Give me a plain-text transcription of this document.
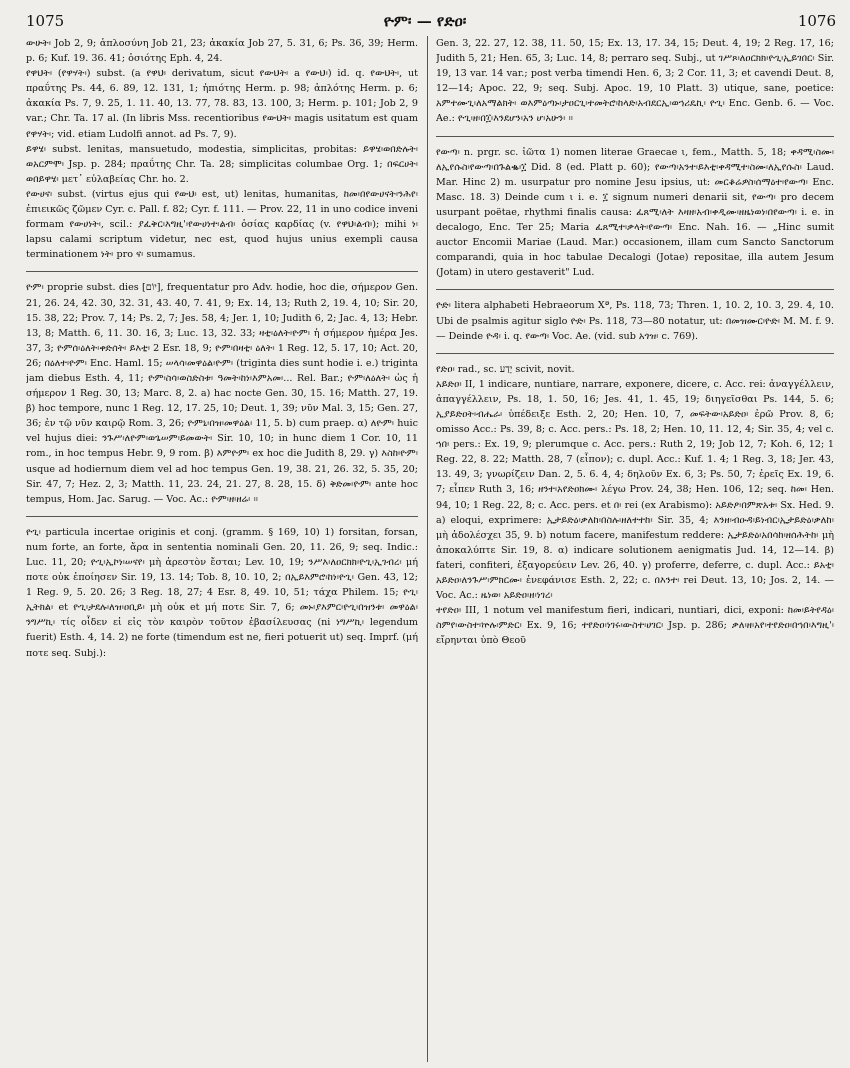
1075	ዮም፡ — የድዐ፡	1076

ውሁት፡ Job 2, 9; ἁπλοσύνη Job 21, 23; ἀκακία Job 27, 5. 31, 6; Ps. 36, 39; Herm. p. 6; Kuf. 19. 36. 41; ὁσιότης Eph. 4, 24.

የዋህት፡ (የዋሃት፡) subst. (a የዋህ፡ derivatum, sicut የውህት፡ a የውህ፡) id. q. የውህት፡, ut πραΰτης Ps. 44, 6. 89, 12. 131, 1; ἠπιότης Herm. p. 98; ἁπλότης Herm. p. 6; ἀκακία Ps. 7, 9. 25, 1. 11. 40, 13. 77, 78. 83, 13. 100, 3; Herm. p. 101; Job 2, 9 var.; Chr. Ta. 17 al. (In libris Mss. recentioribus የውህት፡ magis usitatum est quam የዋሃት፡; vid. etiam Ludolfi annot. ad Ps. 7, 9).

ይዋሄ፡ subst. lenitas, mansuetudo, modestia, simplicitas, probitas: ይዋሄ፡ወበድሉት፡ወአርምሞ፡ Jsp. p. 284; πραΰτης Chr. Ta. 28; simplicitas columbae Org. 1; በፍርሀት፡ ወበይዋሄ፡ μετ᾽ εὐλαβείας Chr. ho. 2.

የውሀና፡ subst. (virtus ejus qui የውህ፡ est, ut) lenitas, humanitas, ከመ፡በየውሀናት፡ንሕየ፡ ἐπιεικῶς ζῶμεν Cyr. c. Pall. f. 82; Cyr. f. 111. — Prov. 22, 11 in uno codice inveni formam የውሀነት፡, scil.: ያፈቅር፡እግዚ'፡የውሀነተ፡ልብ፡ ὁσίας καρδίας (v. የዋህ፡ልብ፡); mihi ነ፡ lapsu calami scriptum videtur, nec est, quod hujus unius exempli causa terminationem ነት፡ pro ና፡ sumamus.

ዮም፡ proprie subst. dies [יוֹם], frequentatur pro Adv. hodie, hoc die, σήμερον Gen. 21, 26. 24, 42. 30, 32. 31, 43. 40, 7. 41, 9; Ex. 14, 13; Ruth 2, 19. 4, 10; Sir. 20, 15. 38, 22; Prov. 7, 14; Ps. 2, 7; Jes. 58, 4; Jer. 1, 10; Judith 6, 2; Jac. 4, 13; Hebr. 13, 8; Matth. 6, 11. 30. 16, 3; Luc. 13, 32. 33; ዛቲ፡ዕለት፡ዮም፡ ἡ σήμερον ἡμέρα Jes. 37, 3; ዮምሰ፡ዕለት፡ቀድሰት፡ ይእቲ፡ 2 Esr. 18, 9; ዮም፡በዛቲ፡ ዕለት፡ 1 Reg. 12, 5. 17, 10; Act. 20, 26; በዕለተ፡ዮም፡ Enc. Haml. 15; ሠላሳ፡መዋዕል፡ዮም፡ (triginta dies sunt hodie i. e.) triginta jam diebus Esth. 4, 11; ዮም፡ስሳ፡ወስድስቱ፡ ዓመት፡ከነ፡እምአመ፡... Rel. Bar.; ዮም፡ለዕለት፡ ὡς ἡ σήμερον 1 Reg. 30, 13; Marc. 8, 2. a) hac nocte Gen. 30, 15. 16; Matth. 27, 19. β) hoc tempore, nunc 1 Reg. 12, 17. 25, 10; Deut. 1, 39; νῦν Mal. 3, 15; Gen. 27, 36; ἐν τῷ νῦν καιρῷ Rom. 3, 26; ዮምኒ፡በዝ፡መዋዕል፡ 11, 5. b) cum praep. α) ለዮም፡ huic vel hujus diei: ንጉሥ፡ለዮም፡ወጌሠም፡ይመውት፡ Sir. 10, 10; in hunc diem 1 Cor. 10, 11 rom., in hoc tempus Hebr. 9, 9 rom. β) እምዮም፡ ex hoc die Judith 8, 29. γ) እስከ፡ዮም፡ usque ad hodiernum diem vel ad hoc tempus Gen. 19, 38. 21, 26. 32, 5. 35, 20; Sir. 47, 7; Hez. 2, 3; Matth. 11, 23. 24, 21. 27, 8. 28, 15. δ) ቅድመ፡ዮም፡ ante hoc tempus, Hom. Jac. Sarug. — Voc. Ac.: ዮም፡ዘ፡ዘሬ፡ ።

ዮጊ፡ particula incertae originis et conj. (gramm. § 169, 10) 1) forsitan, forsan, num forte, an forte, ἄρα in sententia nominali Gen. 20, 11. 26, 9; seq. Indic.: Luc. 11, 20; ዮጊ፡ኢኮነ፡ሠናየ፡ μὴ ἀρεστὸν ἔσται; Lev. 10, 19; ንሥእ፡ለዐርክክ፡ዮጊ፡ኢገብረ፡ μή ποτε οὐκ ἐποίησεν Sir. 19, 13. 14; Tob. 8, 10. 10, 2; በኢይእምሮ፡ከነ፡ዮጊ፡ Gen. 43, 12; 1 Reg. 9, 5. 20. 26; 3 Reg. 18, 27; 4 Esr. 8, 49. 10, 51; τάχα Philem. 15; ዮጊ፡ኢትክል፡ et ዮጊ፡ታደሉ፡ለዝ፡ዐቢይ፡ μὴ οὐκ et μή ποτε Sir. 7, 6; መኑ፡ያእምር፡ዮጊ፡በዝንቱ፡ መዋዕል፡ንግሥኪ፡ τίς οἶδεν εἰ εἰς τὸν καιρὸν τοῦτον ἐβασίλευσας (ni ነግሥኪ፡ legendum fuerit) Esth. 4, 14. 2) ne forte (timendum est ne, fieri potuerit ut) seq. Imprf. (μή ποτε seq. Subj.):

Gen. 3, 22. 27, 12. 38, 11. 50, 15; Ex. 13, 17. 34, 15; Deut. 4, 19; 2 Reg. 17, 16; Judith 5, 21; Hen. 65, 3; Luc. 14, 8; perraro seq. Subj., ut ገሥጾ፡ለዐርክክ፡ዮጊ፡ኢይገበር፡ Sir. 19, 13 var. 14 var.; post verba timendi Hen. 6, 3; 2 Cor. 11, 3; et cavendi Deut. 8, 12—14; Apoc. 22, 9; seq. Subj. Apoc. 19, 10 Platt. 3) utique, sane, poetice: አምተሙጊ፡ለአማልክት፡ ወእምዕጣኑ፡ታዐርጊ፡ተመትሮ፡ከላድ፡አብደርኢ፡ወኀሪዴኪ፡ ዮጊ፡ Enc. Genb. 6. — Voc. Ae.: ዮጊ፡ዘ፡በ፲፡እንደሆን፡አን ሆ፡አሁን፡ ።

የውጣ፡ n. prgr. sc. ἰῶτα 1) nomen literae Graecae ι, fem., Matth. 5, 18; ቀዳሚ፡ስሙ፡ለኢየሱስ፡የውጣ፡በጉልቈ፡፲ Did. 8 (ed. Platt p. 60); የውጣ፡አንተ፡ይእቲ፡ቀዳሚተ፡ስሙ፡ለኢየሱስ፡ Laud. Mar. Hinc 2) m. usurpatur pro nomine Jesu ipsius, ut: መርቆሬዎስ፡ሰማዕተ፡የውጣ፡ Enc. Masc. 18. 3) Deinde cum ι i. e. ፲ signum numeri denarii sit, የውጣ፡ pro decem usurpant poëtae, rhythmi finalis causa: ፈጸሚ፡ለት እዛዘ፡አብ፡ቀዲሙ፡ዘዜነወነ፡በየውጣ፡ i. e. in decalogo, Enc. Ter 25; Maria ፈጸሚተ፡ቃላት፡የውጣ፡ Enc. Nah. 16. — „Hinc sumit auctor Encomii Mariae (Laud. Mar.) occasionem, illam cum Sancto Sanctorum comparandi, quia in hoc tabulae Decalogi (Jotae) repositae, illa autem Jesum (Jotam) in utero gestaverit" Lud.

ዮድ፡ litera alphabeti Hebraeorum Xª, Ps. 118, 73; Thren. 1, 10. 2, 10. 3, 29. 4, 10. Ubi de psalmis agitur siglo ዮድ፡ Ps. 118, 73—80 notatur, ut: በመዝሙር፡ዮድ፡ M. M. f. 9. — Deinde ዮዳ፡ i. q. የውጣ፡ Voc. Ae. (vid. sub አጎዝ፡ c. 769).

የድዐ፡ rad., sc. יָדַע scivit, novit.

አይድዐ፡ II, 1 indicare, nuntiare, narrare, exponere, dicere, c. Acc. rei: ἀναγγέλλειν, ἀπαγγέλλειν, Ps. 18, 1. 50, 16; Jes. 41, 1. 45, 19; διηγεῖσθαι Ps. 144, 5. 6; ኢያይድዐት፡ብሔራ፡ ὑπέδειξε Esth. 2, 20; Hen. 10, 7, መፍትው፡አይድዐ፡ ἐρῶ Prov. 8, 6; omisso Acc.: Ps. 39, 8; c. Acc. pers.: Ps. 18, 2; Hen. 10, 11. 12, 4; Sir. 35, 4; vel c. ኀበ፡ pers.: Ex. 19, 9; plerumque c. Acc. pers.: Ruth 2, 19; Job 12, 7; Koh. 6, 12; 1 Reg. 22, 8. 22; Matth. 28, 7 (εἶπον); c. dupl. Acc.: Kuf. 1. 4; 1 Reg. 3, 18; Jer. 43, 13. 49, 3; γνωρίζειν Dan. 2, 5. 6. 4, 4; δηλοῦν Ex. 6, 3; Ps. 50, 7; ἐρεῖς Ex. 19, 6. 7; εἶπεν Ruth 3, 16; ዘንተ፡አየድዐክሙ፡ λέγω Prov. 24, 38; Hen. 106, 12; seq. ከመ፡ Hen. 94, 10; 1 Reg. 22, 8; c. Acc. pers. et በ፡ rei (ex Arabismo): አይድዖ፡በምጽአቱ፡ Sx. Hed. 9. a) eloqui, exprimere: ኢታይድዕ፡ቃለከ፡በስሉ፡ዘለተተከ፡ Sir. 35, 4; እንዘ፡ብዑዳ፡ይነብር፡ኢታይድዕ፡ቃለከ፡ μὴ ἀδολέσχει 35, 9. b) notum facere, manifestum reddere: ኢታይድዕ፡አበሳከ፡ዘሰሕትከ፡ μὴ ἀποκαλύπτε Sir. 19, 8. α) indicare solutionem aenigmatis Jud. 14, 12—14. β) fateri, confiteri, ἐξαγορεύειν Lev. 26, 40. γ) proferre, deferre, c. dupl. Acc.: ይአቲ፡አይድዐ፡ለንጉሥ፡ምክርሙ፡ ἐνεφάνισε Esth. 2, 22; c. በእንተ፡ rei Deut. 13, 10; Jos. 2, 14. — Voc. Ac.: ዜነወ፡ አይድዐ፡ዘ፡ነገረ፡

ተየድዐ፡ III, 1 notum vel manifestum fieri, indicari, nuntiari, dici, exponi: ከመ፡ይትየዳዕ፡ስምየ፡ውስተ፡ኵሉ፡ምድር፡ Ex. 9, 16; ተየድዐ፡ነገሩ፡ውስተ፡ሀገር፡ Jsp. p. 286; ቃለ፡ዘ፡አየ፡ተየድዐ፡በኀበ፡እግዚ'፡ εἴρηνται ὑπὸ Θεοῦ
